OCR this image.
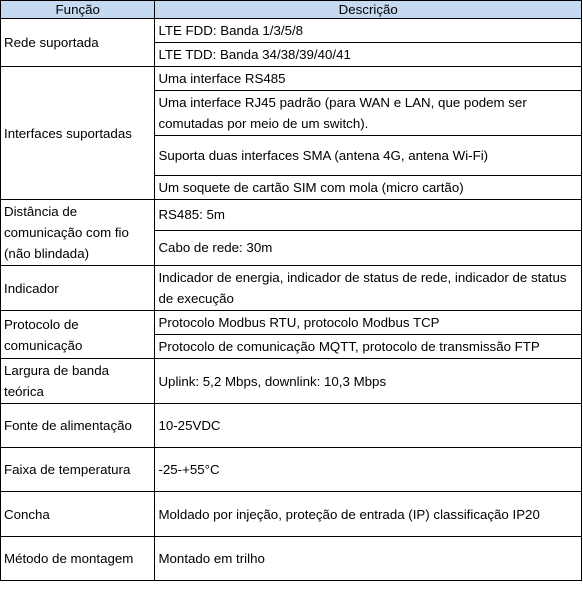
Função	Descrição
Rede suportada	LTE FDD: Banda 1/3/5/8
	LTE TDD: Banda 34/38/39/40/41
Interfaces suportadas	Uma interface RS485
	Uma interface RJ45 padrão (para WAN e LAN, que podem ser comutadas por meio de um switch).
	Suporta duas interfaces SMA (antena 4G, antena Wi-Fi)
	Um soquete de cartão SIM com mola (micro cartão)
Distância de comunicação com fio (não blindada)	RS485: 5m
	Cabo de rede: 30m
Indicador	Indicador de energia, indicador de status de rede, indicador de status de execução
Protocolo de comunicação	Protocolo Modbus RTU, protocolo Modbus TCP
	Protocolo de comunicação MQTT, protocolo de transmissão FTP
Largura de banda teórica	Uplink: 5,2 Mbps, downlink: 10,3 Mbps
Fonte de alimentação	10-25VDC
Faixa de temperatura	-25-+55°C
Concha	Moldado por injeção, proteção de entrada (IP) classificação IP20
Método de montagem	Montado em trilho
